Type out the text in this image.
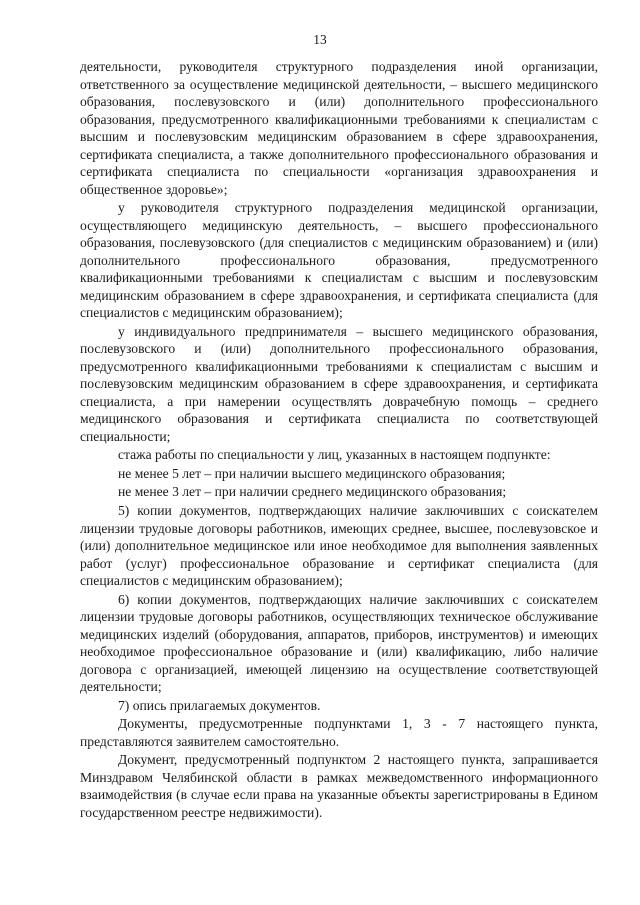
13

деятельности, руководителя структурного подразделения иной организации, ответственного за осуществление медицинской деятельности, – высшего медицинского образования, послевузовского и (или) дополнительного профессионального образования, предусмотренного квалификационными требованиями к специалистам с высшим и послевузовским медицинским образованием в сфере здравоохранения, сертификата специалиста, а также дополнительного профессионального образования и сертификата специалиста по специальности «организация здравоохранения и общественное здоровье»;

у руководителя структурного подразделения медицинской организации, осуществляющего медицинскую деятельность, – высшего профессионального образования, послевузовского (для специалистов с медицинским образованием) и (или) дополнительного профессионального образования, предусмотренного квалификационными требованиями к специалистам с высшим и послевузовским медицинским образованием в сфере здравоохранения, и сертификата специалиста (для специалистов с медицинским образованием);

у индивидуального предпринимателя – высшего медицинского образования, послевузовского и (или) дополнительного профессионального образования, предусмотренного квалификационными требованиями к специалистам с высшим и послевузовским медицинским образованием в сфере здравоохранения, и сертификата специалиста, а при намерении осуществлять доврачебную помощь – среднего медицинского образования и сертификата специалиста по соответствующей специальности;

стажа работы по специальности у лиц, указанных в настоящем подпункте:

не менее 5 лет – при наличии высшего медицинского образования;

не менее 3 лет – при наличии среднего медицинского образования;

5) копии документов, подтверждающих наличие заключивших с соискателем лицензии трудовые договоры работников, имеющих среднее, высшее, послевузовское и (или) дополнительное медицинское или иное необходимое для выполнения заявленных работ (услуг) профессиональное образование и сертификат специалиста (для специалистов с медицинским образованием);

6) копии документов, подтверждающих наличие заключивших с соискателем лицензии трудовые договоры работников, осуществляющих техническое обслуживание медицинских изделий (оборудования, аппаратов, приборов, инструментов) и имеющих необходимое профессиональное образование и (или) квалификацию, либо наличие договора с организацией, имеющей лицензию на осуществление соответствующей деятельности;

7) опись прилагаемых документов.

Документы, предусмотренные подпунктами 1, 3 - 7 настоящего пункта, представляются заявителем самостоятельно.

Документ, предусмотренный подпунктом 2 настоящего пункта, запрашивается Минздравом Челябинской области в рамках межведомственного информационного взаимодействия (в случае если права на указанные объекты зарегистрированы в Едином государственном реестре недвижимости).
